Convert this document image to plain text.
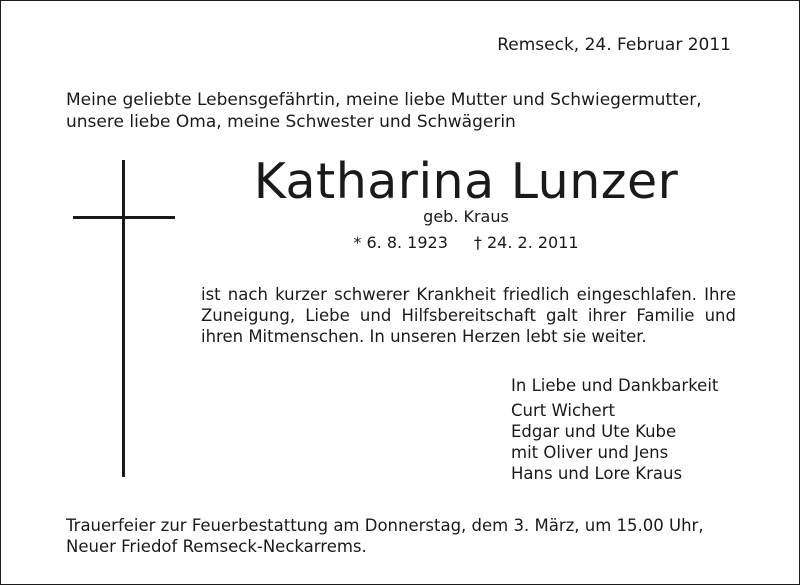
Remseck, 24. Februar 2011
Meine geliebte Lebensgefährtin, meine liebe Mutter und Schwiegermutter,
unsere liebe Oma, meine Schwester und Schwägerin
Katharina Lunzer
geb. Kraus
* 6. 8. 1923 † 24. 2. 2011
ist nach kurzer schwerer Krankheit friedlich eingeschlafen. Ihre Zuneigung, Liebe und Hilfsbereitschaft galt ihrer Familie und ihren Mitmenschen. In unseren Herzen lebt sie weiter.
In Liebe und Dankbarkeit
Curt Wichert
Edgar und Ute Kube
mit Oliver und Jens
Hans und Lore Kraus
Trauerfeier zur Feuerbestattung am Donnerstag, dem 3. März, um 15.00 Uhr,
Neuer Friedof Remseck-Neckarrems.
